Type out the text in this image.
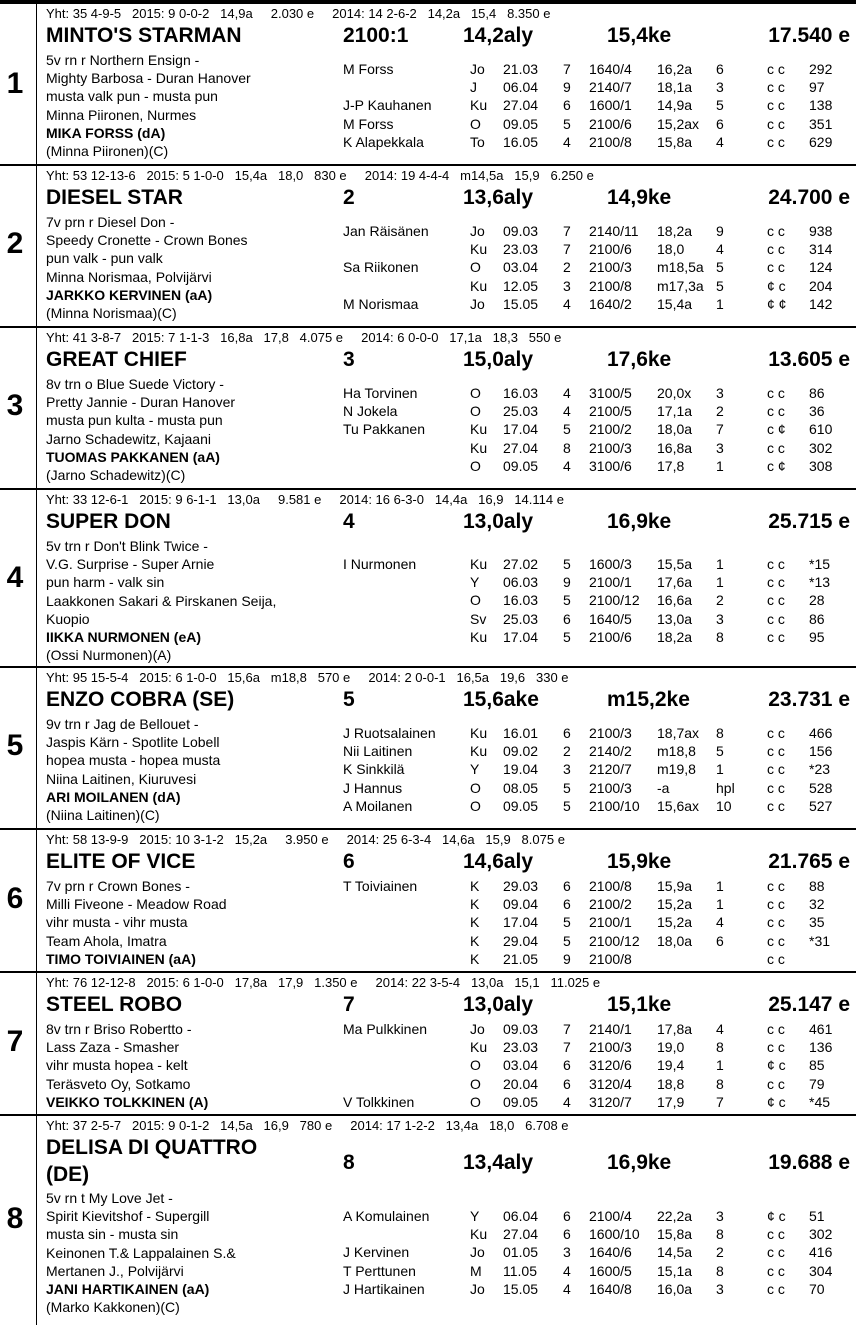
1
Yht: 35 4-9-5   2015: 9 0-0-2   14,9a     2.030 e     2014: 14 2-6-2   14,2a   15,4   8.350 e
MINTO'S STARMAN	2100:1	14,2aly	15,4ke	17.540 e
5v rn r Northern Ensign -
Mighty Barbosa - Duran Hanover
musta valk pun - musta pun
Minna Piironen, Nurmes
MIKA FORSS (dA)
(Minna Piironen)(C)
M Forss	Jo 21.03 7 1640/4 16,2a 6	c c 292
J 06.04 9 2140/7 18,1a 3	c c 97
J-P Kauhanen	Ku 27.04 6 1600/1 14,9a 5	c c 138
M Forss	O 09.05 5 2100/6 15,2ax 6	c c 351
K Alapekkala	To 16.05 4 2100/8 15,8a 4	c c 629
2
Yht: 53 12-13-6   2015: 5 1-0-0   15,4a   18,0   830 e     2014: 19 4-4-4   m14,5a   15,9   6.250 e
DIESEL STAR	2	13,6aly	14,9ke	24.700 e
7v prn r Diesel Don -
Speedy Cronette - Crown Bones
pun valk - pun valk
Minna Norismaa, Polvijärvi
JARKKO KERVINEN (aA)
(Minna Norismaa)(C)
Jan Räisänen	Jo 09.03 7 2140/11 18,2a 9	c c 938
Ku 23.03 7 2100/6 18,0 4	c c 314
Sa Riikonen	O 03.04 2 2100/3 m18,5a 5	c c 124
Ku 12.05 3 2100/8 m17,3a 5	¢ c 204
M Norismaa	Jo 15.05 4 1640/2 15,4a 1	¢ ¢ 142
3
Yht: 41 3-8-7   2015: 7 1-1-3   16,8a   17,8   4.075 e     2014: 6 0-0-0   17,1a   18,3   550 e
GREAT CHIEF	3	15,0aly	17,6ke	13.605 e
8v trn o Blue Suede Victory -
Pretty Jannie - Duran Hanover
musta pun kulta - musta pun
Jarno Schadewitz, Kajaani
TUOMAS PAKKANEN (aA)
(Jarno Schadewitz)(C)
Ha Torvinen	O 16.03 4 3100/5 20,0x 3	c c 86
N Jokela	O 25.03 4 2100/5 17,1a 2	c c 36
Tu Pakkanen	Ku 17.04 5 2100/2 18,0a 7	c ¢ 610
Ku 27.04 8 2100/3 16,8a 3	c c 302
O 09.05 4 3100/6 17,8 1	c ¢ 308
4
Yht: 33 12-6-1   2015: 9 6-1-1   13,0a     9.581 e     2014: 16 6-3-0   14,4a   16,9   14.114 e
SUPER DON	4	13,0aly	16,9ke	25.715 e
5v trn r Don't Blink Twice -
V.G. Surprise - Super Arnie
pun harm - valk sin
Laakkonen Sakari & Pirskanen Seija,
Kuopio
IIKKA NURMONEN (eA)
(Ossi Nurmonen)(A)
I Nurmonen	Ku 27.02 5 1600/3 15,5a 1	c c *15
Y 06.03 9 2100/1 17,6a 1	c c *13
O 16.03 5 2100/12 16,6a 2	c c 28
Sv 25.03 6 1640/5 13,0a 3	c c 86
Ku 17.04 5 2100/6 18,2a 8	c c 95
5
Yht: 95 15-5-4   2015: 6 1-0-0   15,6a   m18,8   570 e     2014: 2 0-0-1   16,5a   19,6   330 e
ENZO COBRA (SE)	5	15,6ake	m15,2ke	23.731 e
9v trn r Jag de Bellouet -
Jaspis Kärn - Spotlite Lobell
hopea musta - hopea musta
Niina Laitinen, Kiuruvesi
ARI MOILANEN (dA)
(Niina Laitinen)(C)
J Ruotsalainen Ku 16.01 6 2100/3 18,7ax 8	c c 466
Nii Laitinen	Ku 09.02 2 2140/2 m18,8 5	c c 156
K Sinkkilä	Y 19.04 3 2120/7 m19,8 1	c c *23
J Hannus	O 08.05 5 2100/3 -a	hpl c c 528
A Moilanen	O 09.05 5 2100/10 15,6ax 10	c c 527
6
Yht: 58 13-9-9   2015: 10 3-1-2   15,2a     3.950 e     2014: 25 6-3-4   14,6a   15,9   8.075 e
ELITE OF VICE	6	14,6aly	15,9ke	21.765 e
7v prn r Crown Bones -
Milli Fiveone - Meadow Road
vihr musta - vihr musta
Team Ahola, Imatra
TIMO TOIVIAINEN (aA)
T Toiviainen	K 29.03 6 2100/8 15,9a 1	c c 88
K 09.04 6 2100/2 15,2a 1	c c 32
K 17.04 5 2100/1 15,2a 4	c c 35
K 29.04 5 2100/12 18,0a 6	c c *31
K 21.05 9 2100/8	c c
7
Yht: 76 12-12-8   2015: 6 1-0-0   17,8a   17,9   1.350 e     2014: 22 3-5-4   13,0a   15,1   11.025 e
STEEL ROBO	7	13,0aly	15,1ke	25.147 e
8v trn r Briso Robertto -
Lass Zaza - Smasher
vihr musta hopea - kelt
Teräsveto Oy, Sotkamo
VEIKKO TOLKKINEN (A)
Ma Pulkkinen	Jo 09.03 7 2140/1 17,8a 4	c c 461
Ku 23.03 7 2100/3 19,0 8	c c 136
O 03.04 6 3120/6 19,4 1	¢ c 85
O 20.04 6 3120/4 18,8 8	c c 79
V Tolkkinen	O 09.05 4 3120/7 17,9 7	¢ c *45
8
Yht: 37 2-5-7   2015: 9 0-1-2   14,5a   16,9   780 e     2014: 17 1-2-2   13,4a   18,0   6.708 e
DELISA DI QUATTRO
(DE)
8	13,4aly	16,9ke	19.688 e
5v rn t My Love Jet -
Spirit Kievitshof - Supergill
musta sin - musta sin
Keinonen T.& Lappalainen S.&
Mertanen J., Polvijärvi
JANI HARTIKAINEN (aA)
(Marko Kakkonen)(C)
A Komulainen	Y 06.04 6 2100/4 22,2a 3	¢ c 51
Ku 27.04 6 1600/10 15,8a 8	c c 302
J Kervinen	Jo 01.05 3 1640/6 14,5a 2	c c 416
T Perttunen	M 11.05 4 1600/5 15,1a 8	c c 304
J Hartikainen	Jo 15.05 4 1640/8 16,0a 3	c c 70
